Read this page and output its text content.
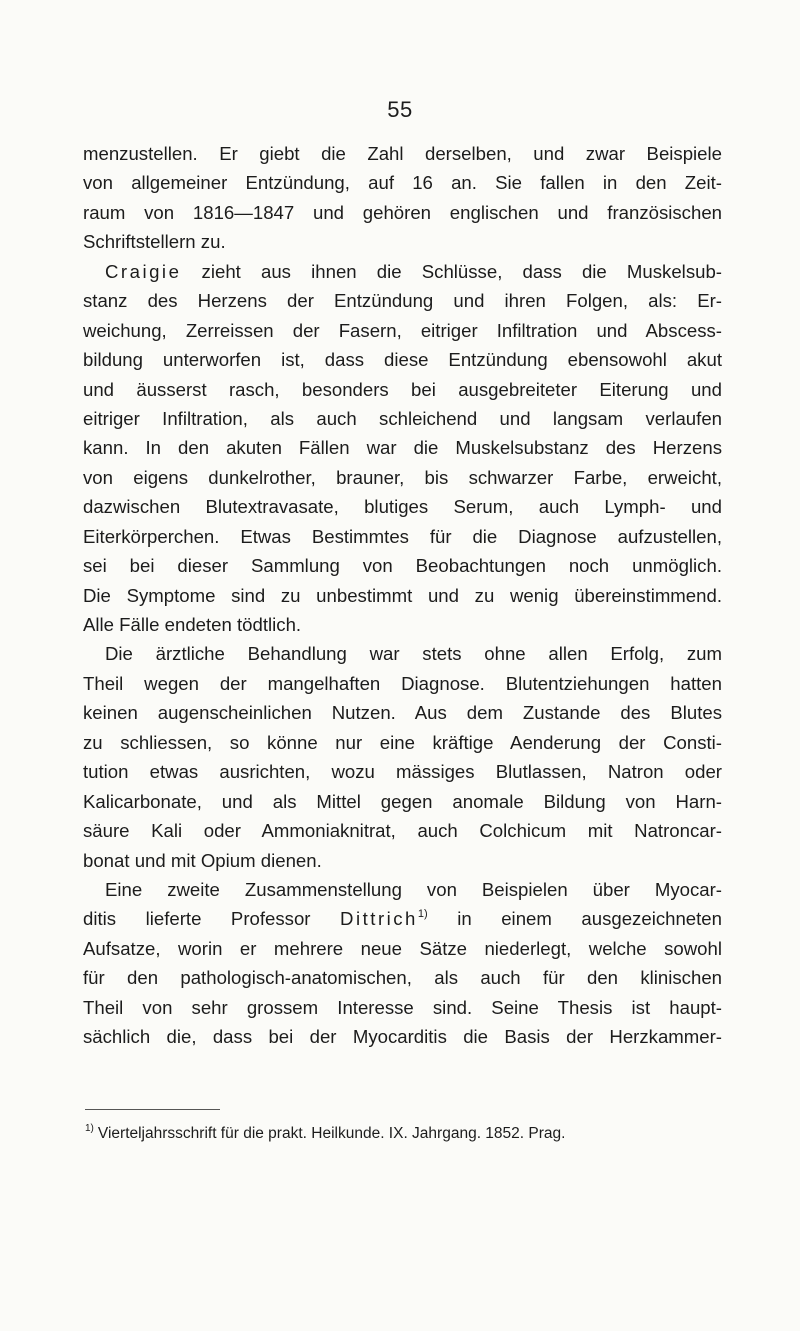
55
menzustellen. Er giebt die Zahl derselben, und zwar Beispiele
von allgemeiner Entzündung, auf 16 an. Sie fallen in den Zeit-
raum von 1816—1847 und gehören englischen und französischen
Schriftstellern zu.
Craigie zieht aus ihnen die Schlüsse, dass die Muskelsub-
stanz des Herzens der Entzündung und ihren Folgen, als: Er-
weichung, Zerreissen der Fasern, eitriger Infiltration und Abscess-
bildung unterworfen ist, dass diese Entzündung ebensowohl akut
und äusserst rasch, besonders bei ausgebreiteter Eiterung und
eitriger Infiltration, als auch schleichend und langsam verlaufen
kann. In den akuten Fällen war die Muskelsubstanz des Herzens
von eigens dunkelrother, brauner, bis schwarzer Farbe, erweicht,
dazwischen Blutextravasate, blutiges Serum, auch Lymph- und
Eiterkörperchen. Etwas Bestimmtes für die Diagnose aufzustellen,
sei bei dieser Sammlung von Beobachtungen noch unmöglich.
Die Symptome sind zu unbestimmt und zu wenig übereinstimmend.
Alle Fälle endeten tödtlich.
Die ärztliche Behandlung war stets ohne allen Erfolg, zum
Theil wegen der mangelhaften Diagnose. Blutentziehungen hatten
keinen augenscheinlichen Nutzen. Aus dem Zustande des Blutes
zu schliessen, so könne nur eine kräftige Aenderung der Consti-
tution etwas ausrichten, wozu mässiges Blutlassen, Natron oder
Kalicarbonate, und als Mittel gegen anomale Bildung von Harn-
säure Kali oder Ammoniaknitrat, auch Colchicum mit Natroncar-
bonat und mit Opium dienen.
Eine zweite Zusammenstellung von Beispielen über Myocar-
ditis lieferte Professor Dittrich$^{1)}$ in einem ausgezeichneten
Aufsatze, worin er mehrere neue Sätze niederlegt, welche sowohl
für den pathologisch-anatomischen, als auch für den klinischen
Theil von sehr grossem Interesse sind. Seine Thesis ist haupt-
sächlich die, dass bei der Myocarditis die Basis der Herzkammer-
$^{1)}$ Vierteljahrsschrift für die prakt. Heilkunde. IX. Jahrgang. 1852. Prag.
